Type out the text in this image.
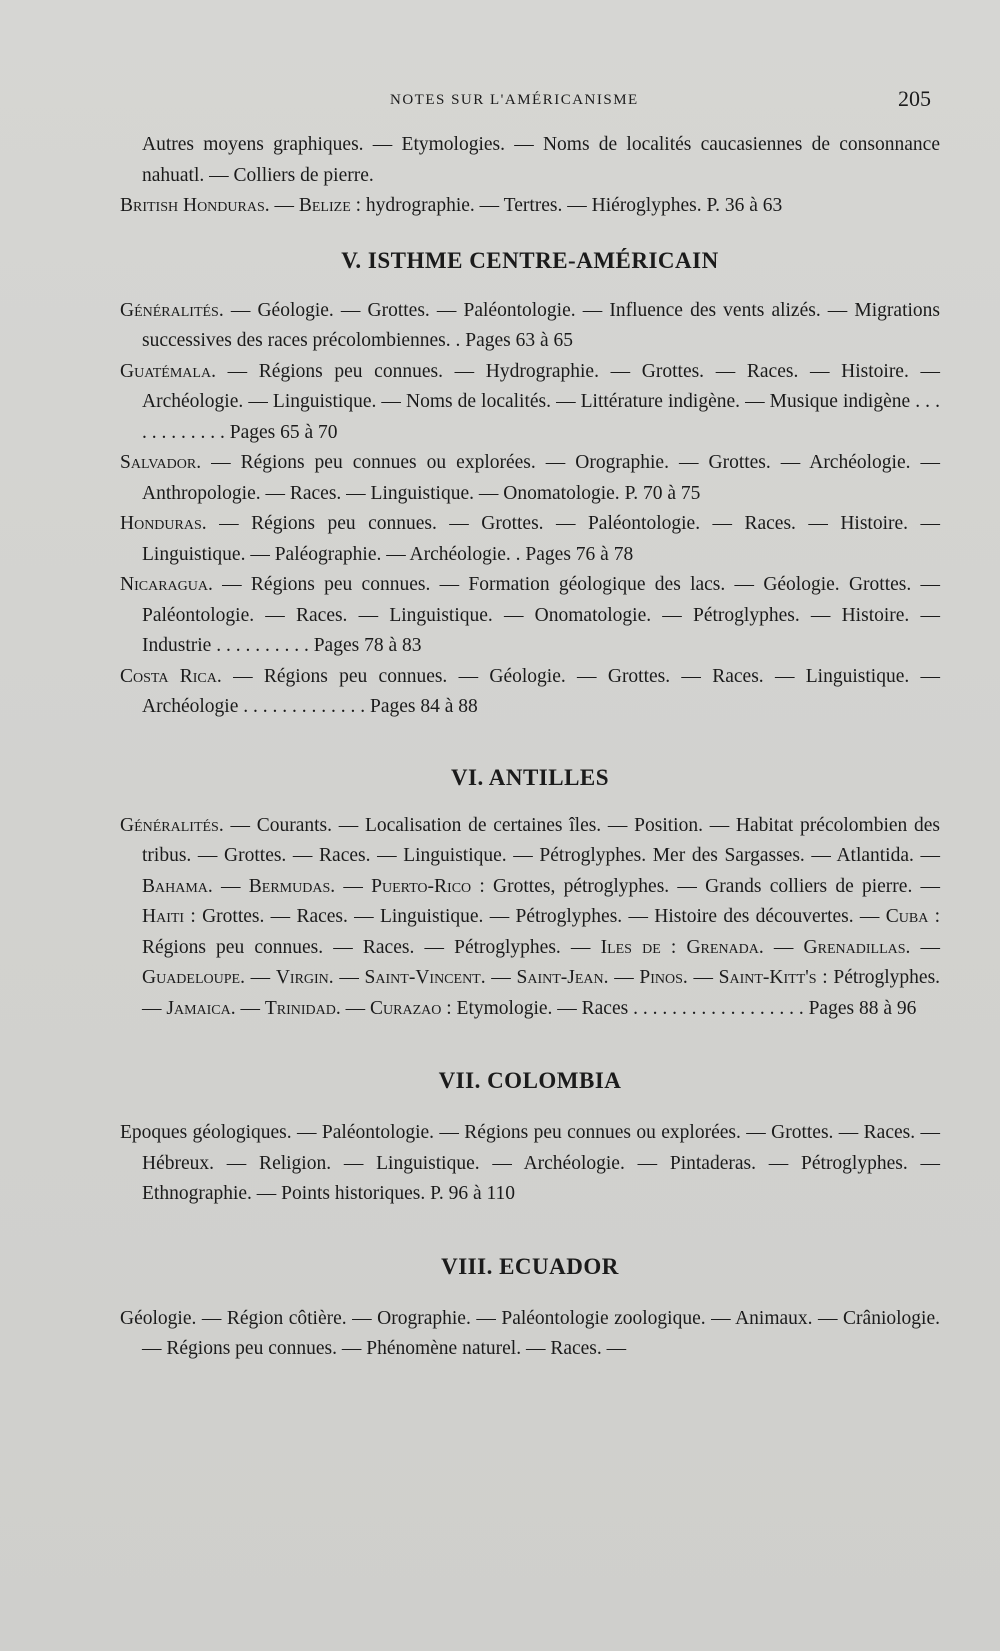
NOTES SUR L'AMÉRICANISME	205

Autres moyens graphiques. — Etymologies. — Noms de localités caucasiennes de consonnance nahuatl. — Colliers de pierre.

British Honduras. — Belize : hydrographie. — Tertres. — Hiéroglyphes. P. 36 à 63

V. ISTHME CENTRE-AMÉRICAIN

Généralités. — Géologie. — Grottes. — Paléontologie. — Influence des vents alizés. — Migrations successives des races précolombiennes. . Pages 63 à 65

Guatémala. — Régions peu connues. — Hydrographie. — Grottes. — Races. — Histoire. — Archéologie. — Linguistique. — Noms de localités. — Littérature indigène. — Musique indigène . . . . . . . . . . . . Pages 65 à 70

Salvador. — Régions peu connues ou explorées. — Orographie. — Grottes. — Archéologie. — Anthropologie. — Races. — Linguistique. — Onomatologie. P. 70 à 75

Honduras. — Régions peu connues. — Grottes. — Paléontologie. — Races. — Histoire. — Linguistique. — Paléographie. — Archéologie. . Pages 76 à 78

Nicaragua. — Régions peu connues. — Formation géologique des lacs. — Géologie. Grottes. — Paléontologie. — Races. — Linguistique. — Onomatologie. — Pétroglyphes. — Histoire. — Industrie . . . . . . . . . . Pages 78 à 83

Costa Rica. — Régions peu connues. — Géologie. — Grottes. — Races. — Linguistique. — Archéologie . . . . . . . . . . . . . Pages 84 à 88

VI. ANTILLES

Généralités. — Courants. — Localisation de certaines îles. — Position. — Habitat précolombien des tribus. — Grottes. — Races. — Linguistique. — Pétroglyphes. Mer des Sargasses. — Atlantida. — Bahama. — Bermudas. — Puerto-Rico : Grottes, pétroglyphes. — Grands colliers de pierre. — Haiti : Grottes. — Races. — Linguistique. — Pétroglyphes. — Histoire des découvertes. — Cuba : Régions peu connues. — Races. — Pétroglyphes. — Iles de : Grenada. — Grenadillas. — Guadeloupe. — Virgin. — Saint-Vincent. — Saint-Jean. — Pinos. — Saint-Kitt's : Pétroglyphes. — Jamaica. — Trinidad. — Curazao : Etymologie. — Races . . . . . . . . . . . . . . . . . . Pages 88 à 96

VII. COLOMBIA

Epoques géologiques. — Paléontologie. — Régions peu connues ou explorées. — Grottes. — Races. — Hébreux. — Religion. — Linguistique. — Archéologie. — Pintaderas. — Pétroglyphes. — Ethnographie. — Points historiques. P. 96 à 110

VIII. ECUADOR

Géologie. — Région côtière. — Orographie. — Paléontologie zoologique. — Animaux. — Crâniologie. — Régions peu connues. — Phénomène naturel. — Races. —
